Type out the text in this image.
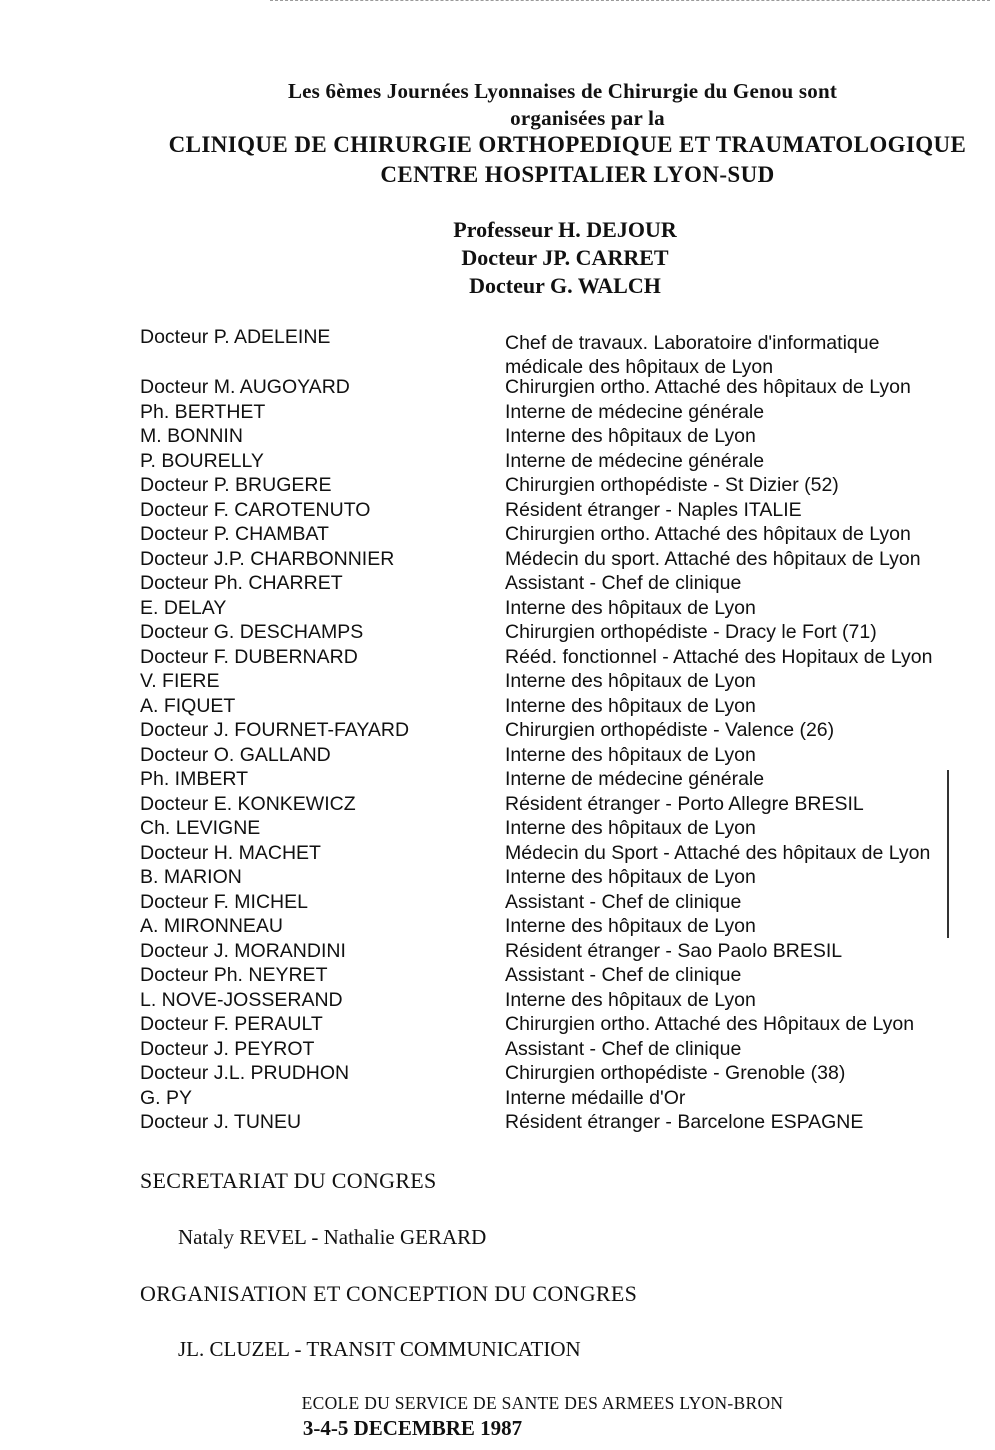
Les 6èmes Journées Lyonnaises de Chirurgie du Genou sont
organisées par la
CLINIQUE DE CHIRURGIE ORTHOPEDIQUE ET TRAUMATOLOGIQUE
CENTRE HOSPITALIER LYON-SUD
Professeur H. DEJOUR
Docteur JP. CARRET
Docteur G. WALCH
Docteur P. ADELEINE	Chef de travaux. Laboratoire d'informatique
médicale des hôpitaux de Lyon
Docteur M. AUGOYARD	Chirurgien ortho. Attaché des hôpitaux de Lyon
Ph. BERTHET	Interne de médecine générale
M. BONNIN	Interne des hôpitaux de Lyon
P. BOURELLY	Interne de médecine générale
Docteur P. BRUGERE	Chirurgien orthopédiste - St Dizier (52)
Docteur F. CAROTENUTO	Résident étranger - Naples ITALIE
Docteur P. CHAMBAT	Chirurgien ortho. Attaché des hôpitaux de Lyon
Docteur J.P. CHARBONNIER	Médecin du sport. Attaché des hôpitaux de Lyon
Docteur Ph. CHARRET	Assistant - Chef de clinique
E. DELAY	Interne des hôpitaux de Lyon
Docteur G. DESCHAMPS	Chirurgien orthopédiste - Dracy le Fort (71)
Docteur F. DUBERNARD	Rééd. fonctionnel - Attaché des Hopitaux de Lyon
V. FIERE	Interne des hôpitaux de Lyon
A. FIQUET	Interne des hôpitaux de Lyon
Docteur J. FOURNET-FAYARD	Chirurgien orthopédiste - Valence (26)
Docteur O. GALLAND	Interne des hôpitaux de Lyon
Ph. IMBERT	Interne de médecine générale
Docteur E. KONKEWICZ	Résident étranger - Porto Allegre BRESIL
Ch. LEVIGNE	Interne des hôpitaux de Lyon
Docteur H. MACHET	Médecin du Sport - Attaché des hôpitaux de Lyon
B. MARION	Interne des hôpitaux de Lyon
Docteur F. MICHEL	Assistant - Chef de clinique
A. MIRONNEAU	Interne des hôpitaux de Lyon
Docteur J. MORANDINI	Résident étranger - Sao Paolo BRESIL
Docteur Ph. NEYRET	Assistant - Chef de clinique
L. NOVE-JOSSERAND	Interne des hôpitaux de Lyon
Docteur F. PERAULT	Chirurgien ortho. Attaché des Hôpitaux de Lyon
Docteur J. PEYROT	Assistant - Chef de clinique
Docteur J.L. PRUDHON	Chirurgien orthopédiste - Grenoble (38)
G. PY	Interne médaille d'Or
Docteur J. TUNEU	Résident étranger - Barcelone ESPAGNE
SECRETARIAT DU CONGRES
Nataly REVEL - Nathalie GERARD
ORGANISATION ET CONCEPTION DU CONGRES
JL. CLUZEL - TRANSIT COMMUNICATION
ECOLE DU SERVICE DE SANTE DES ARMEES LYON-BRON
3-4-5 DECEMBRE 1987
